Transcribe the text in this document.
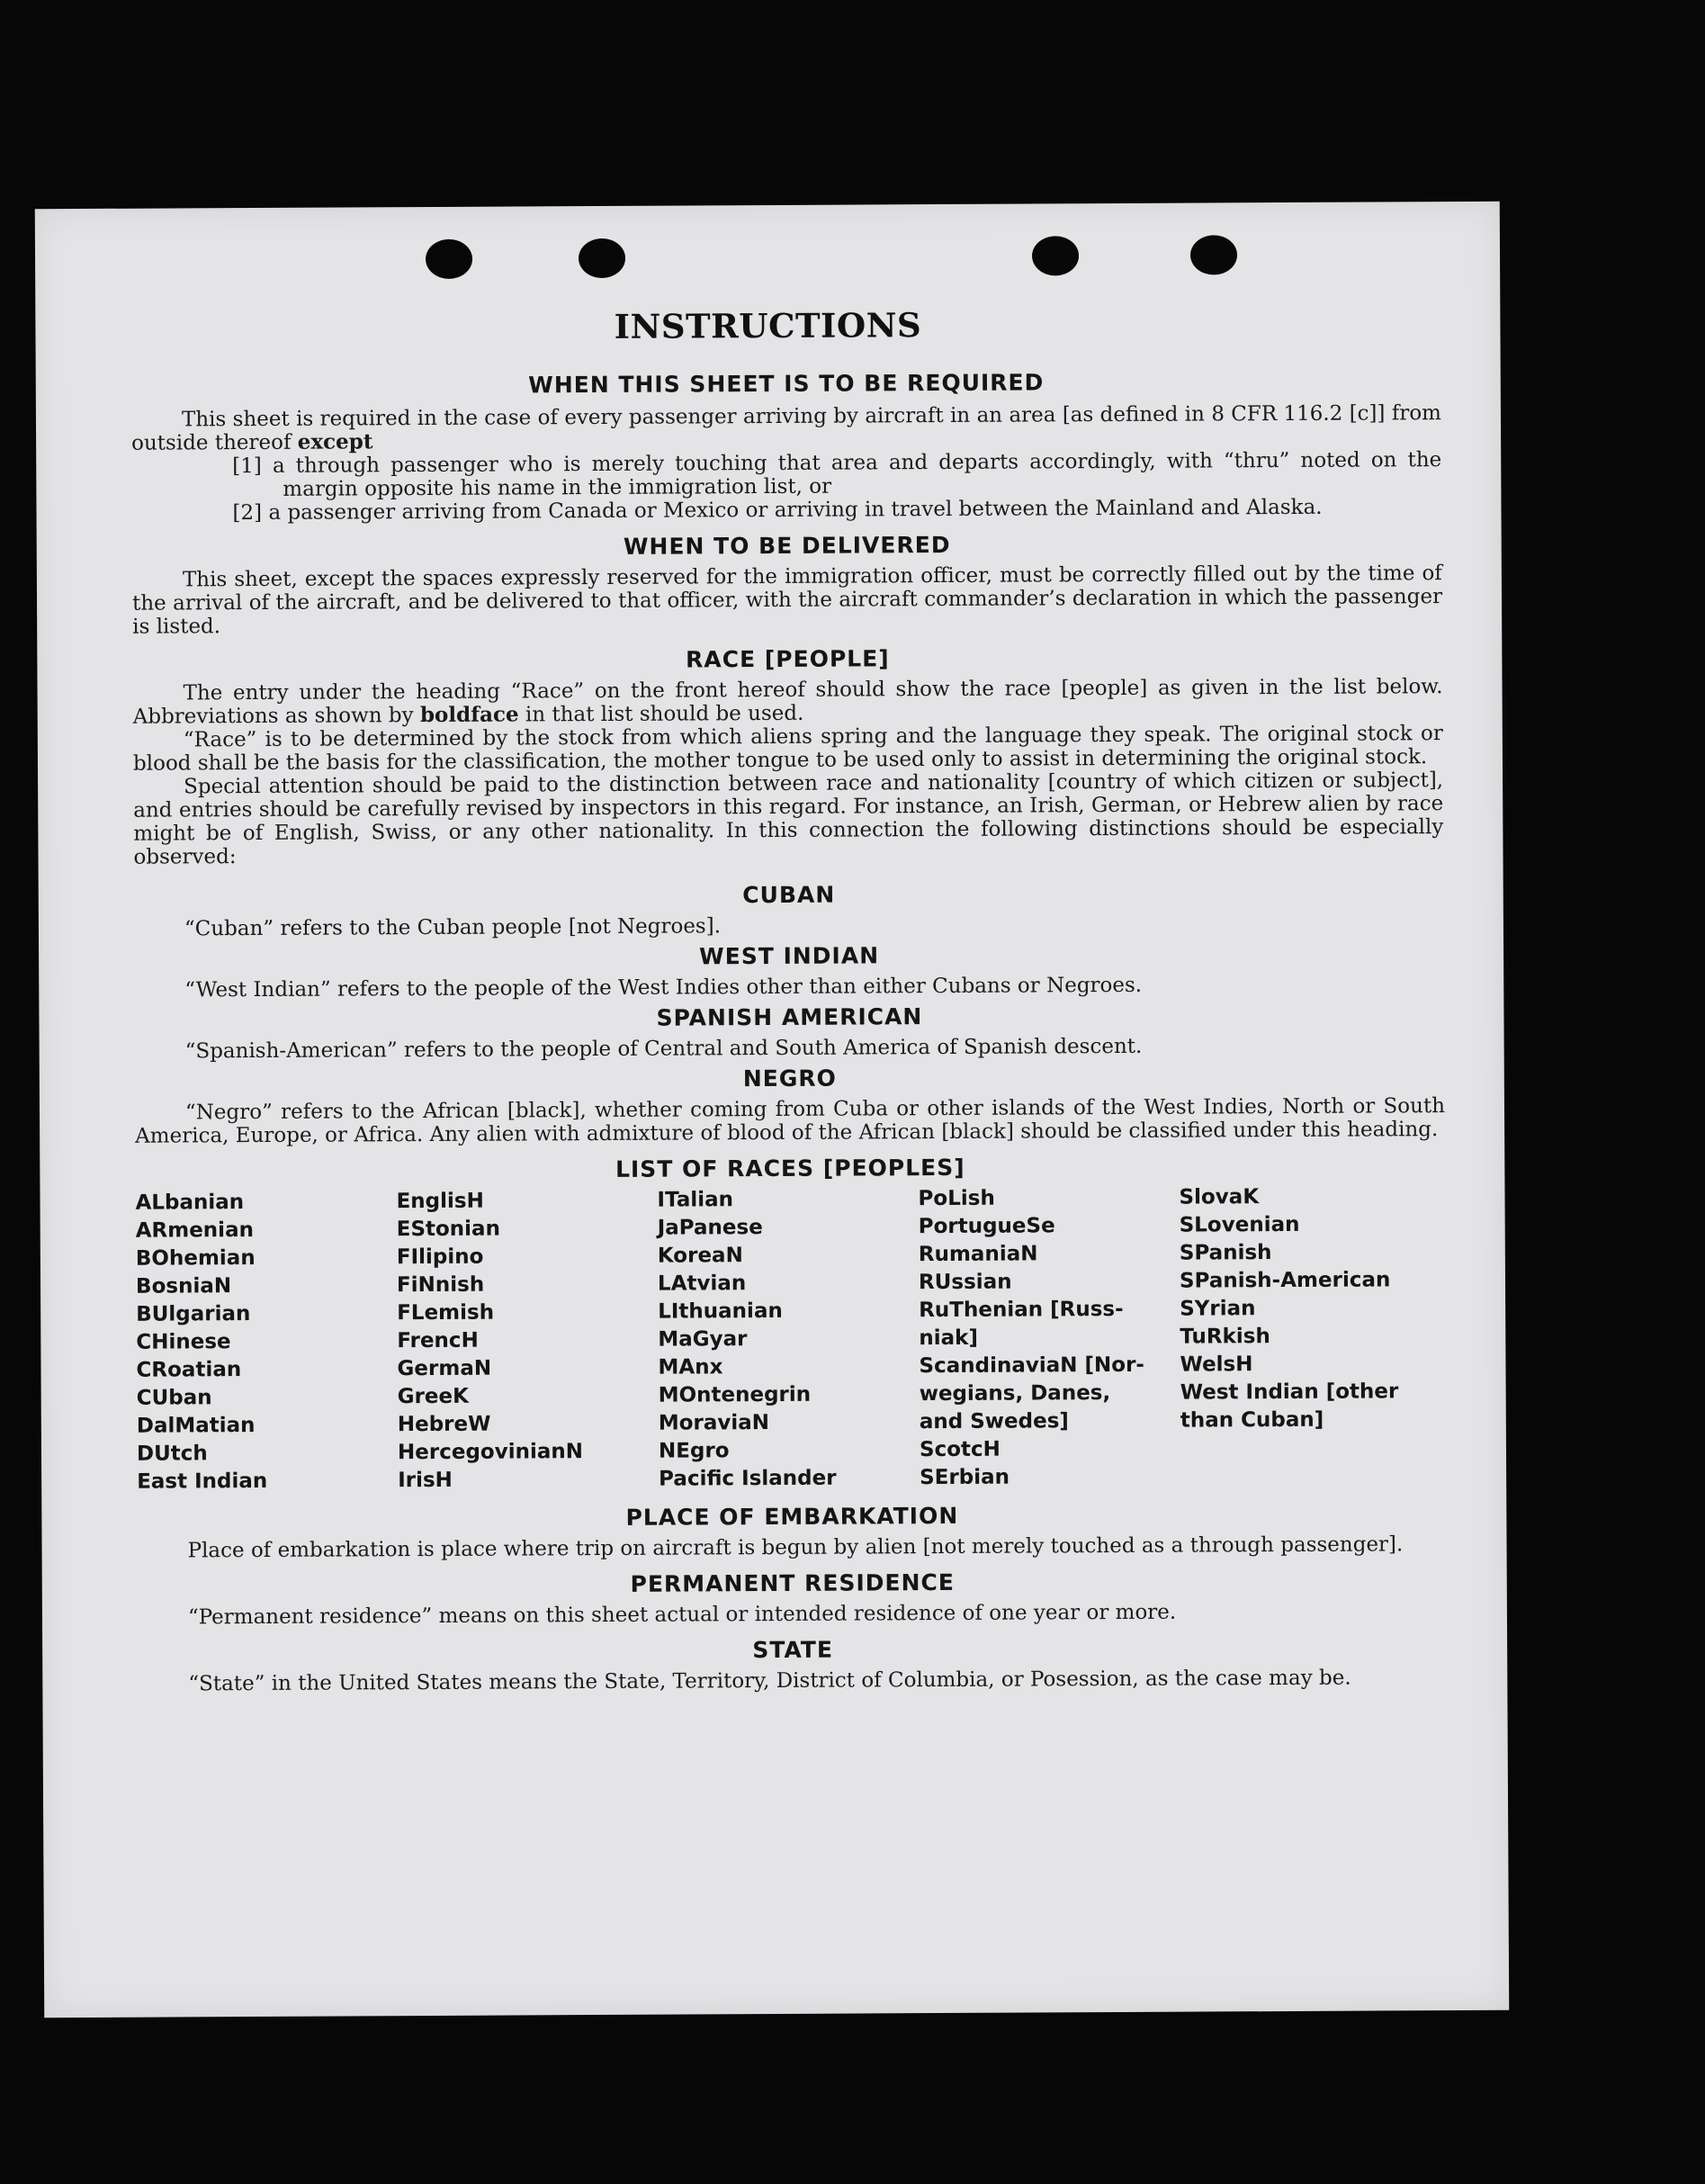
INSTRUCTIONS

WHEN THIS SHEET IS TO BE REQUIRED

This sheet is required in the case of every passenger arriving by aircraft in an area [as defined in 8 CFR 116.2 [c]] from outside thereof except

[1] a through passenger who is merely touching that area and departs accordingly, with “thru” noted on the margin opposite his name in the immigration list, or

[2] a passenger arriving from Canada or Mexico or arriving in travel between the Mainland and Alaska.

WHEN TO BE DELIVERED

This sheet, except the spaces expressly reserved for the immigration officer, must be correctly filled out by the time of the arrival of the aircraft, and be delivered to that officer, with the aircraft commander’s declaration in which the passenger is listed.

RACE [PEOPLE]

The entry under the heading “Race” on the front hereof should show the race [people] as given in the list below. Abbreviations as shown by boldface in that list should be used.

“Race” is to be determined by the stock from which aliens spring and the language they speak. The original stock or blood shall be the basis for the classification, the mother tongue to be used only to assist in determining the original stock.

Special attention should be paid to the distinction between race and nationality [country of which citizen or subject], and entries should be carefully revised by inspectors in this regard. For instance, an Irish, German, or Hebrew alien by race might be of English, Swiss, or any other nationality. In this connection the following distinctions should be especially observed:

CUBAN

“Cuban” refers to the Cuban people [not Negroes].

WEST INDIAN

“West Indian” refers to the people of the West Indies other than either Cubans or Negroes.

SPANISH AMERICAN

“Spanish-American” refers to the people of Central and South America of Spanish descent.

NEGRO

“Negro” refers to the African [black], whether coming from Cuba or other islands of the West Indies, North or South America, Europe, or Africa. Any alien with admixture of blood of the African [black] should be classified under this heading.

LIST OF RACES [PEOPLES]

ALbanian
ARmenian
BOhemian
BosniaN
BUlgarian
CHinese
CRoatian
CUban
DalMatian
DUtch
East Indian
EnglisH
EStonian
FIlipino
FiNnish
FLemish
FrencH
GermaN
GreeK
HebreW
HercegovinianN
IrisH
ITalian
JaPanese
KoreaN
LAtvian
LIthuanian
MaGyar
MAnx
MOntenegrin
MoraviaN
NEgro
Pacific Islander
PoLish
PortugueSe
RumaniaN
RUssian
RuThenian [Russ-
niak]
ScandinaviaN [Nor-
wegians, Danes,
and Swedes]
ScotcH
SErbian
SlovaK
SLovenian
SPanish
SPanish-American
SYrian
TuRkish
WelsH
West Indian [other
than Cuban]

PLACE OF EMBARKATION

Place of embarkation is place where trip on aircraft is begun by alien [not merely touched as a through passenger].

PERMANENT RESIDENCE

“Permanent residence” means on this sheet actual or intended residence of one year or more.

STATE

“State” in the United States means the State, Territory, District of Columbia, or Posession, as the case may be.
